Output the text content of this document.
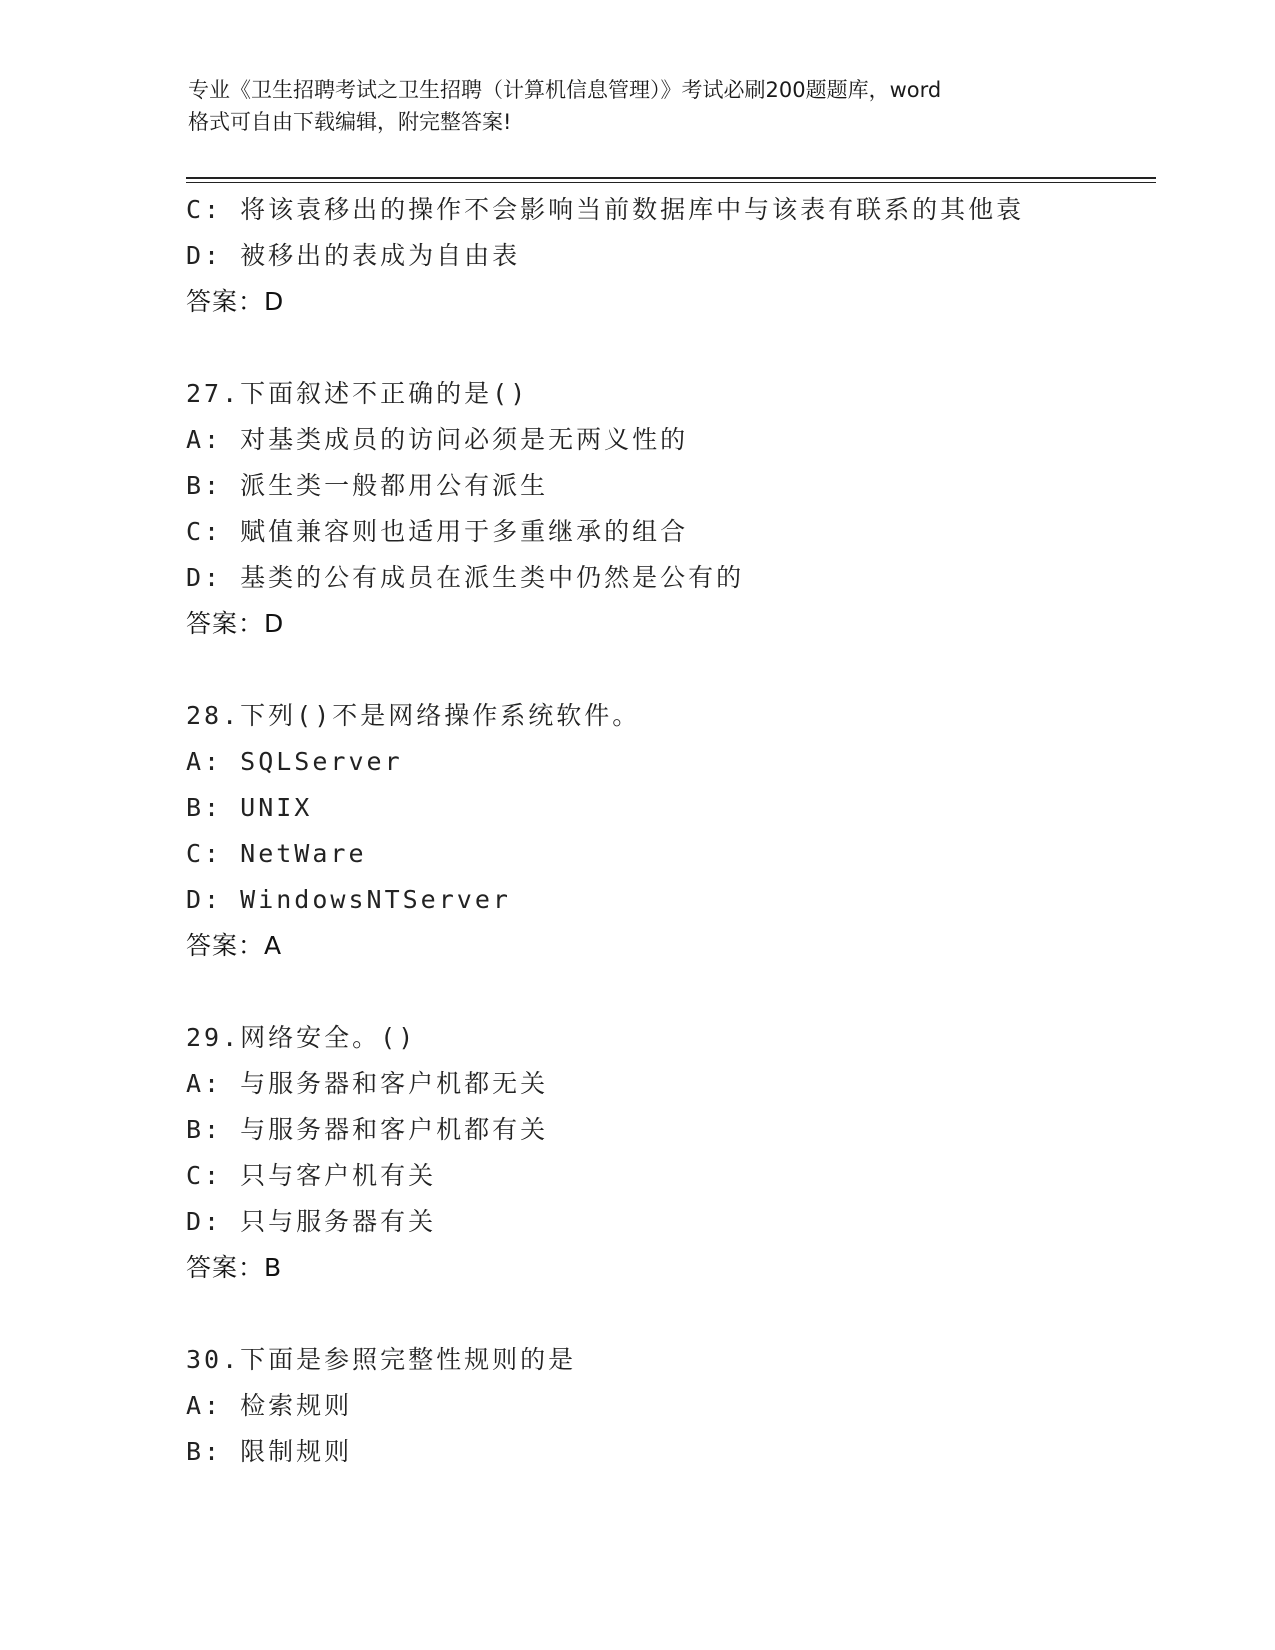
专业《卫生招聘考试之卫生招聘（计算机信息管理）》考试必刷200题题库，word
格式可自由下载编辑，附完整答案!
C: 将该袁移出的操作不会影响当前数据库中与该表有联系的其他袁
D: 被移出的表成为自由表
答案：D
27.下面叙述不正确的是()
A: 对基类成员的访问必须是无两义性的
B: 派生类一般都用公有派生
C: 赋值兼容则也适用于多重继承的组合
D: 基类的公有成员在派生类中仍然是公有的
答案：D
28.下列()不是网络操作系统软件。
A: SQLServer
B: UNIX
C: NetWare
D: WindowsNTServer
答案：A
29.网络安全。()
A: 与服务器和客户机都无关
B: 与服务器和客户机都有关
C: 只与客户机有关
D: 只与服务器有关
答案：B
30.下面是参照完整性规则的是
A: 检索规则
B: 限制规则
